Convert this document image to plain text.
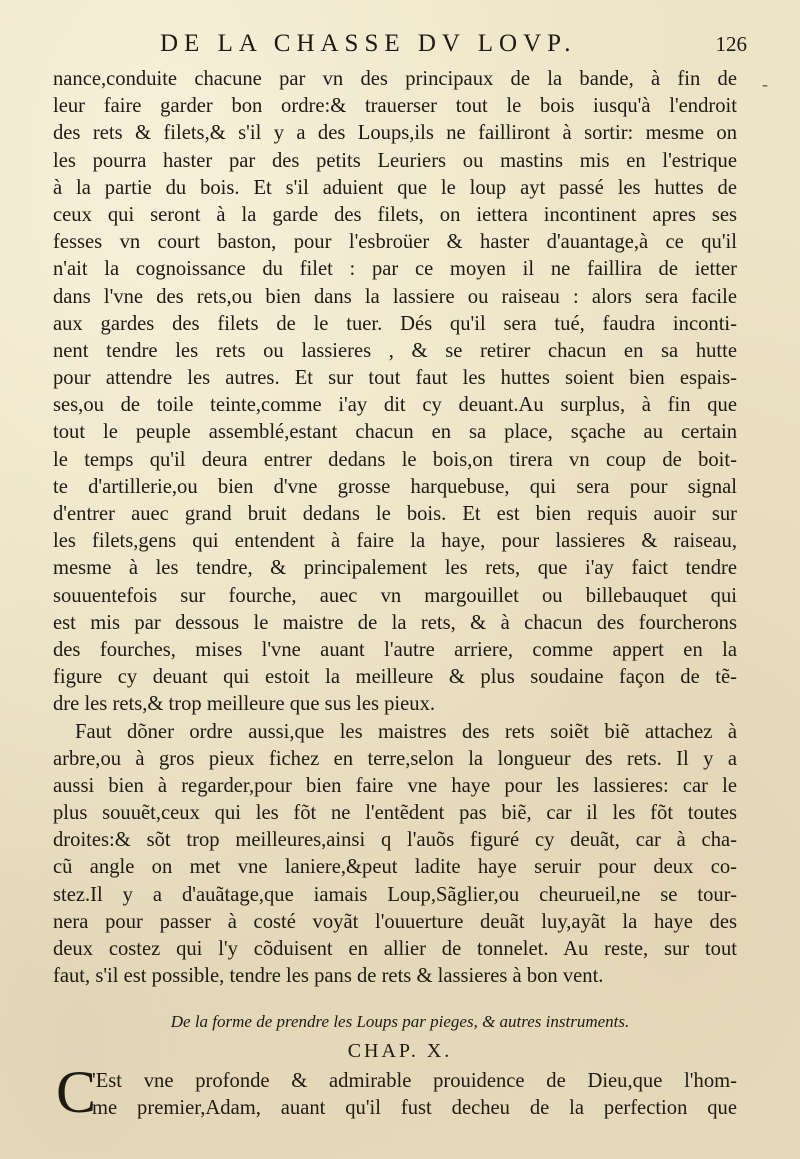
DE LA CHASSE DV LOVP.	126
nance,conduite chacune par vn des principaux de la bande, à fin de
leur faire garder bon ordre:& trauerser tout le bois iusqu'à l'endroit
des rets & filets,& s'il y a des Loups,ils ne failliront à sortir: mesme on
les pourra haster par des petits Leuriers ou mastins mis en l'estrique
à la partie du bois. Et s'il aduient que le loup ayt passé les huttes de
ceux qui seront à la garde des filets, on iettera incontinent apres ses
fesses vn court baston, pour l'esbroüer & haster d'auantage,à ce qu'il
n'ait la cognoissance du filet : par ce moyen il ne faillira de ietter
dans l'vne des rets,ou bien dans la lassiere ou raiseau : alors sera facile
aux gardes des filets de le tuer. Dés qu'il sera tué, faudra inconti-
nent tendre les rets ou lassieres , & se retirer chacun en sa hutte
pour attendre les autres. Et sur tout faut les huttes soient bien espais-
ses,ou de toile teinte,comme i'ay dit cy deuant.Au surplus, à fin que
tout le peuple assemblé,estant chacun en sa place, sçache au certain
le temps qu'il deura entrer dedans le bois,on tirera vn coup de boit-
te d'artillerie,ou bien d'vne grosse harquebuse, qui sera pour signal
d'entrer auec grand bruit dedans le bois. Et est bien requis auoir sur
les filets,gens qui entendent à faire la haye, pour lassieres & raiseau,
mesme à les tendre, & principalement les rets, que i'ay faict tendre
souuentefois sur fourche, auec vn margouillet ou billebauquet qui
est mis par dessous le maistre de la rets, & à chacun des fourcherons
des fourches, mises l'vne auant l'autre arriere, comme appert en la
figure cy deuant qui estoit la meilleure & plus soudaine façon de tẽ-
dre les rets,& trop meilleure que sus les pieux.
Faut dõner ordre aussi,que les maistres des rets soiẽt biẽ attachez à
arbre,ou à gros pieux fichez en terre,selon la longueur des rets. Il y a
aussi bien à regarder,pour bien faire vne haye pour les lassieres: car le
plus souuẽt,ceux qui les fõt ne l'entẽdent pas biẽ, car il les fõt toutes
droites:& sõt trop meilleures,ainsi q l'auõs figuré cy deuãt, car à cha-
cũ angle on met vne laniere,&peut ladite haye seruir pour deux co-
stez.Il y a d'auãtage,que iamais Loup,Sãglier,ou cheurueil,ne se tour-
nera pour passer à costé voyãt l'ouuerture deuãt luy,ayãt la haye des
deux costez qui l'y cõduisent en allier de tonnelet. Au reste, sur tout
faut, s'il est possible, tendre les pans de rets & lassieres à bon vent.
De la forme de prendre les Loups par pieges, & autres instruments.
CHAP. X.
C
'Est vne profonde & admirable prouidence de Dieu,que l'hom-
me premier,Adam, auant qu'il fust decheu de la perfection que
-
